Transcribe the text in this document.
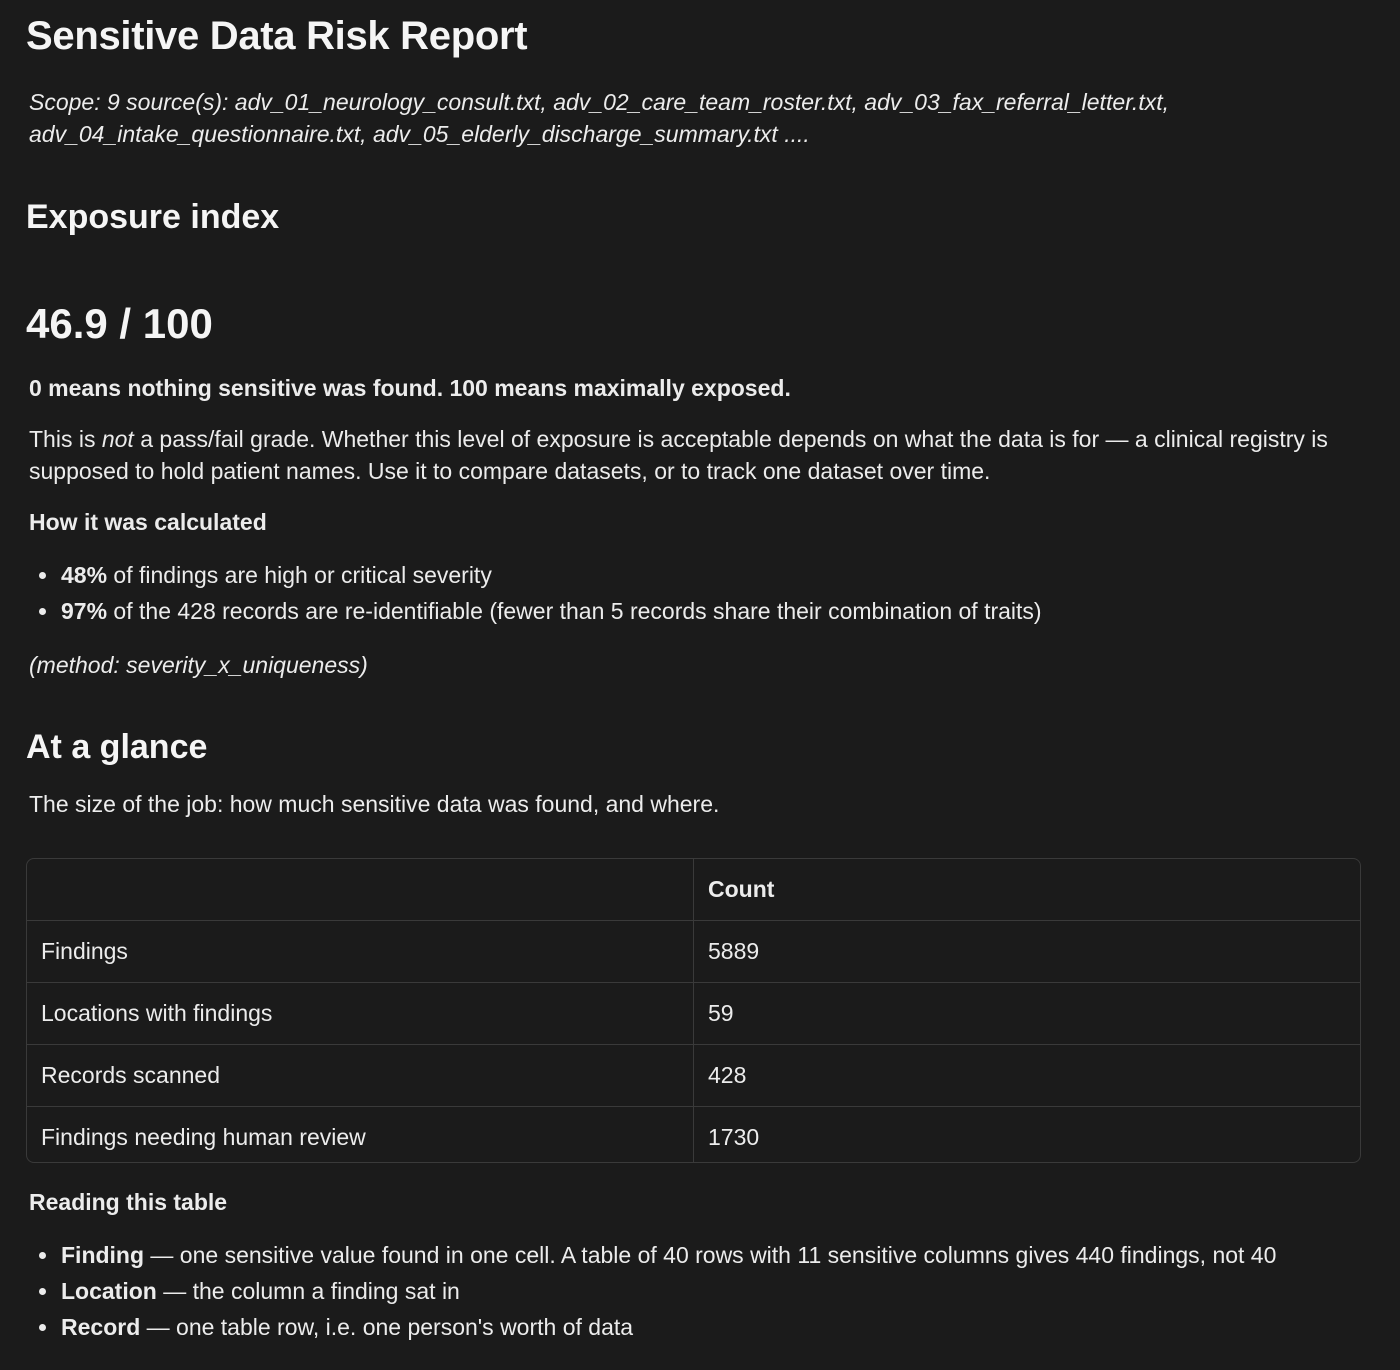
Sensitive Data Risk Report

Scope: 9 source(s): adv_01_neurology_consult.txt, adv_02_care_team_roster.txt, adv_03_fax_referral_letter.txt, adv_04_intake_questionnaire.txt, adv_05_elderly_discharge_summary.txt ....

Exposure index
46.9 / 100

0 means nothing sensitive was found. 100 means maximally exposed.

This is not a pass/fail grade. Whether this level of exposure is acceptable depends on what the data is for — a clinical registry is supposed to hold patient names. Use it to compare datasets, or to track one dataset over time.

How it was calculated

48% of findings are high or critical severity
97% of the 428 records are re-identifiable (fewer than 5 records share their combination of traits)

(method: severity_x_uniqueness)

At a glance

The size of the job: how much sensitive data was found, and where.

	Count
Findings	5889
Locations with findings	59
Records scanned	428
Findings needing human review	1730

Reading this table

Finding — one sensitive value found in one cell. A table of 40 rows with 11 sensitive columns gives 440 findings, not 40
Location — the column a finding sat in
Record — one table row, i.e. one person's worth of data
